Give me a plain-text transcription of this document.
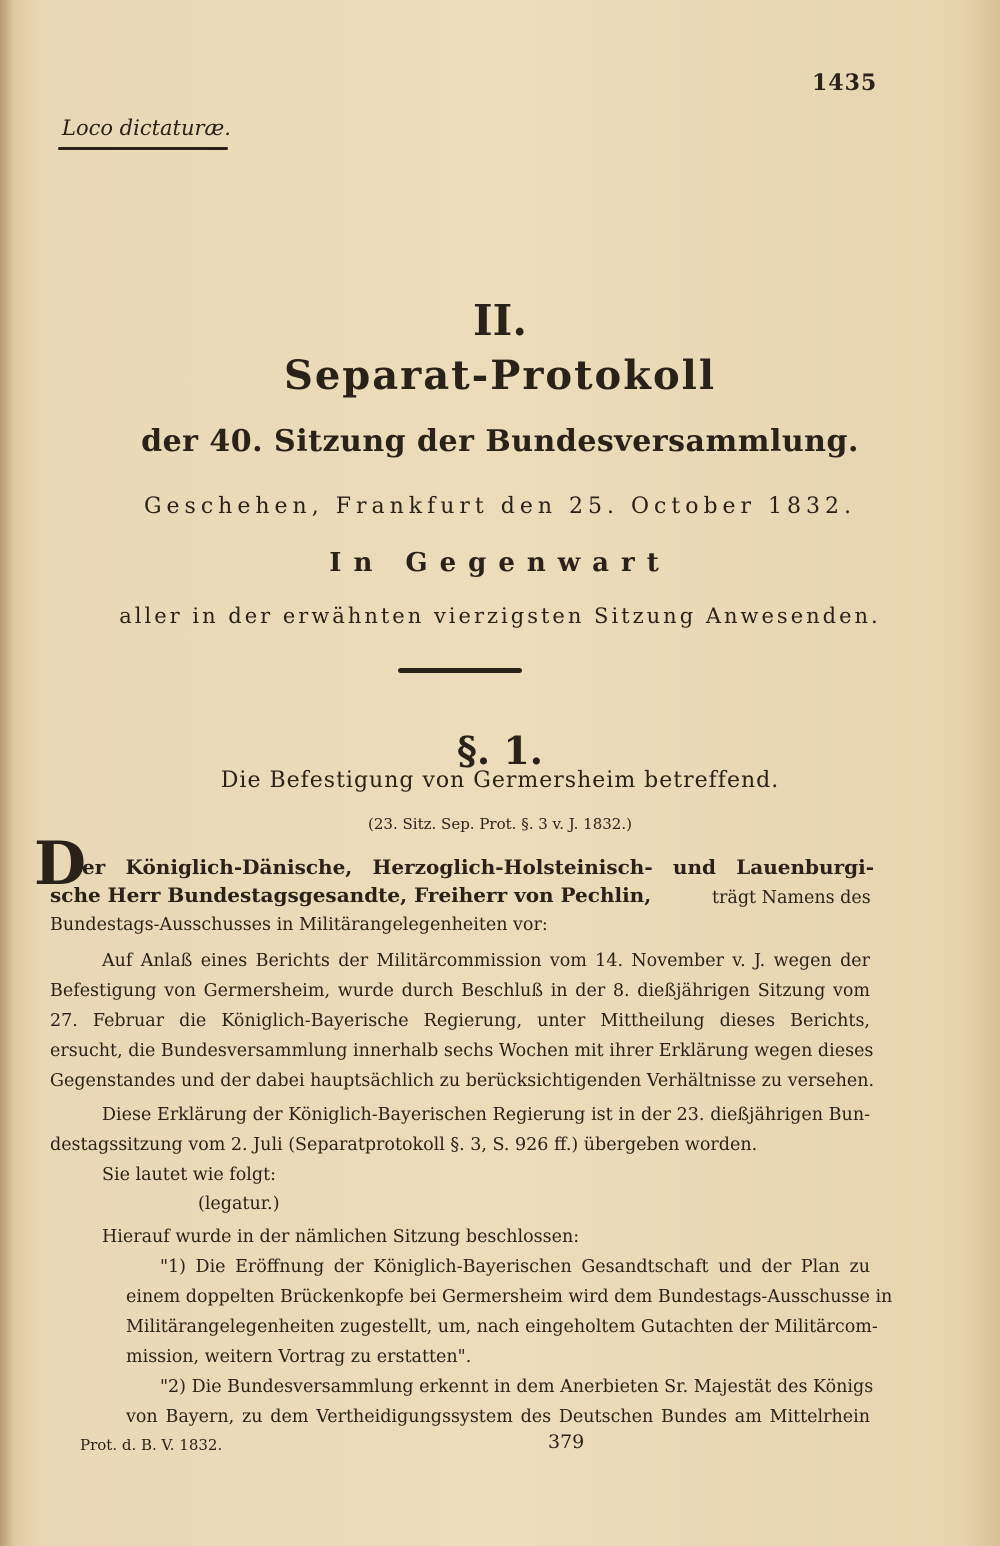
1435
Loco dictaturæ.
II.
Separat-Protokoll
der 40. Sitzung der Bundesversammlung.
Geschehen, Frankfurt den 25. October 1832.
In Gegenwart
aller in der erwähnten vierzigsten Sitzung Anwesenden.
§. 1.
Die Befestigung von Germersheim betreffend.
(23. Sitz. Sep. Prot. §. 3 v. J. 1832.)
D
er Königlich-Dänische, Herzoglich-Holsteinisch- und Lauenburgi-
sche Herr Bundestagsgesandte, Freiherr von Pechlin,	trägt Namens des
Bundestags-Ausschusses in Militärangelegenheiten vor:
Auf Anlaß eines Berichts der Militärcommission vom 14. November v. J. wegen der
Befestigung von Germersheim, wurde durch Beschluß in der 8. dießjährigen Sitzung vom
27. Februar die Königlich-Bayerische Regierung, unter Mittheilung dieses Berichts,
ersucht, die Bundesversammlung innerhalb sechs Wochen mit ihrer Erklärung wegen dieses
Gegenstandes und der dabei hauptsächlich zu berücksichtigenden Verhältnisse zu versehen.
Diese Erklärung der Königlich-Bayerischen Regierung ist in der 23. dießjährigen Bun-
destagssitzung vom 2. Juli (Separatprotokoll §. 3, S. 926 ff.) übergeben worden.
Sie lautet wie folgt:
(legatur.)
Hierauf wurde in der nämlichen Sitzung beschlossen:
"1) Die Eröffnung der Königlich-Bayerischen Gesandtschaft und der Plan zu
einem doppelten Brückenkopfe bei Germersheim wird dem Bundestags-Ausschusse in
Militärangelegenheiten zugestellt, um, nach eingeholtem Gutachten der Militärcom-
mission, weitern Vortrag zu erstatten".
"2) Die Bundesversammlung erkennt in dem Anerbieten Sr. Majestät des Königs
von Bayern, zu dem Vertheidigungssystem des Deutschen Bundes am Mittelrhein
Prot. d. B. V. 1832.	379
